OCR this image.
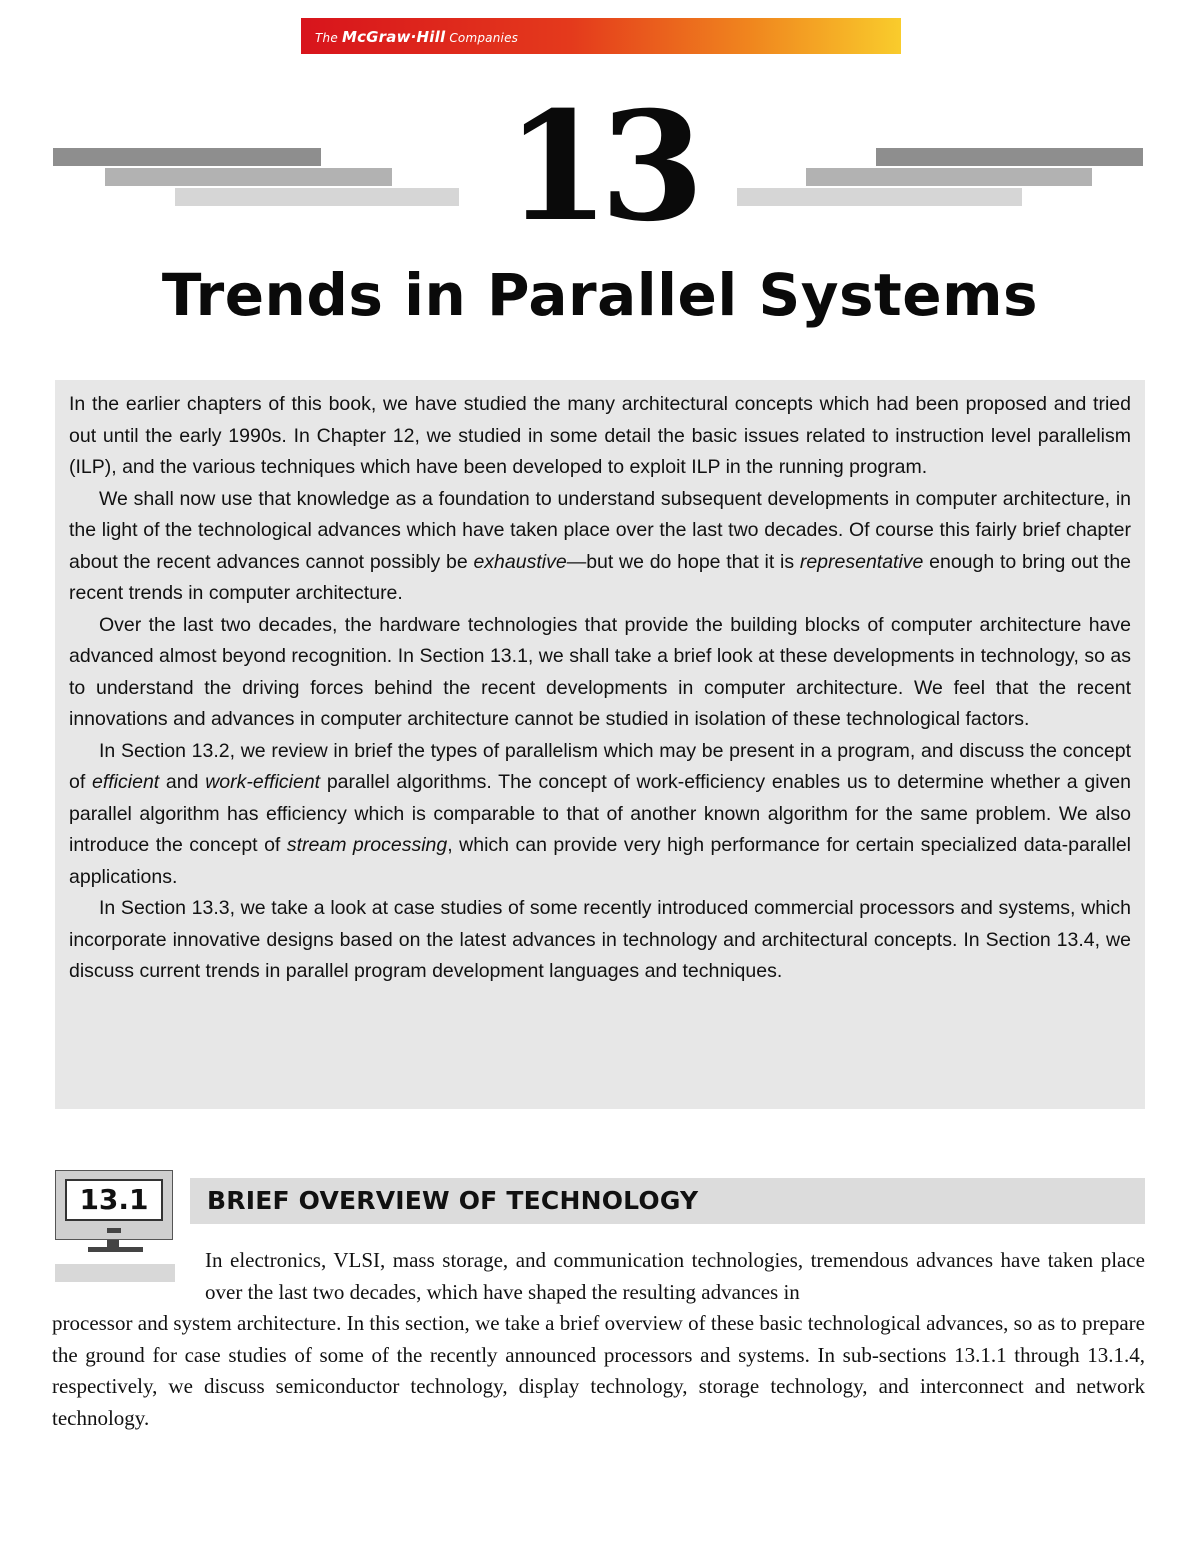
The McGraw·Hill Companies
13
Trends in Parallel Systems

In the earlier chapters of this book, we have studied the many architectural concepts which had been proposed and tried out until the early 1990s. In Chapter 12, we studied in some detail the basic issues related to instruction level parallelism (ILP), and the various techniques which have been developed to exploit ILP in the running program.

We shall now use that knowledge as a foundation to understand subsequent developments in computer architecture, in the light of the technological advances which have taken place over the last two decades. Of course this fairly brief chapter about the recent advances cannot possibly be exhaustive—but we do hope that it is representative enough to bring out the recent trends in computer architecture.

Over the last two decades, the hardware technologies that provide the building blocks of computer architecture have advanced almost beyond recognition. In Section 13.1, we shall take a brief look at these developments in technology, so as to understand the driving forces behind the recent developments in computer architecture. We feel that the recent innovations and advances in computer architecture cannot be studied in isolation of these technological factors.

In Section 13.2, we review in brief the types of parallelism which may be present in a program, and discuss the concept of efficient and work-efficient parallel algorithms. The concept of work-efficiency enables us to determine whether a given parallel algorithm has efficiency which is comparable to that of another known algorithm for the same problem. We also introduce the concept of stream processing, which can provide very high performance for certain specialized data-parallel applications.

In Section 13.3, we take a look at case studies of some recently introduced commercial processors and systems, which incorporate innovative designs based on the latest advances in technology and architectural concepts. In Section 13.4, we discuss current trends in parallel program development languages and techniques.

13.1	BRIEF OVERVIEW OF TECHNOLOGY
In electronics, VLSI, mass storage, and communication technologies, tremendous advances have taken place over the last two decades, which have shaped the resulting advances in
processor and system architecture. In this section, we take a brief overview of these basic technological advances, so as to prepare the ground for case studies of some of the recently announced processors and systems. In sub-sections 13.1.1 through 13.1.4, respectively, we discuss semiconductor technology, display technology, storage technology, and interconnect and network technology.
